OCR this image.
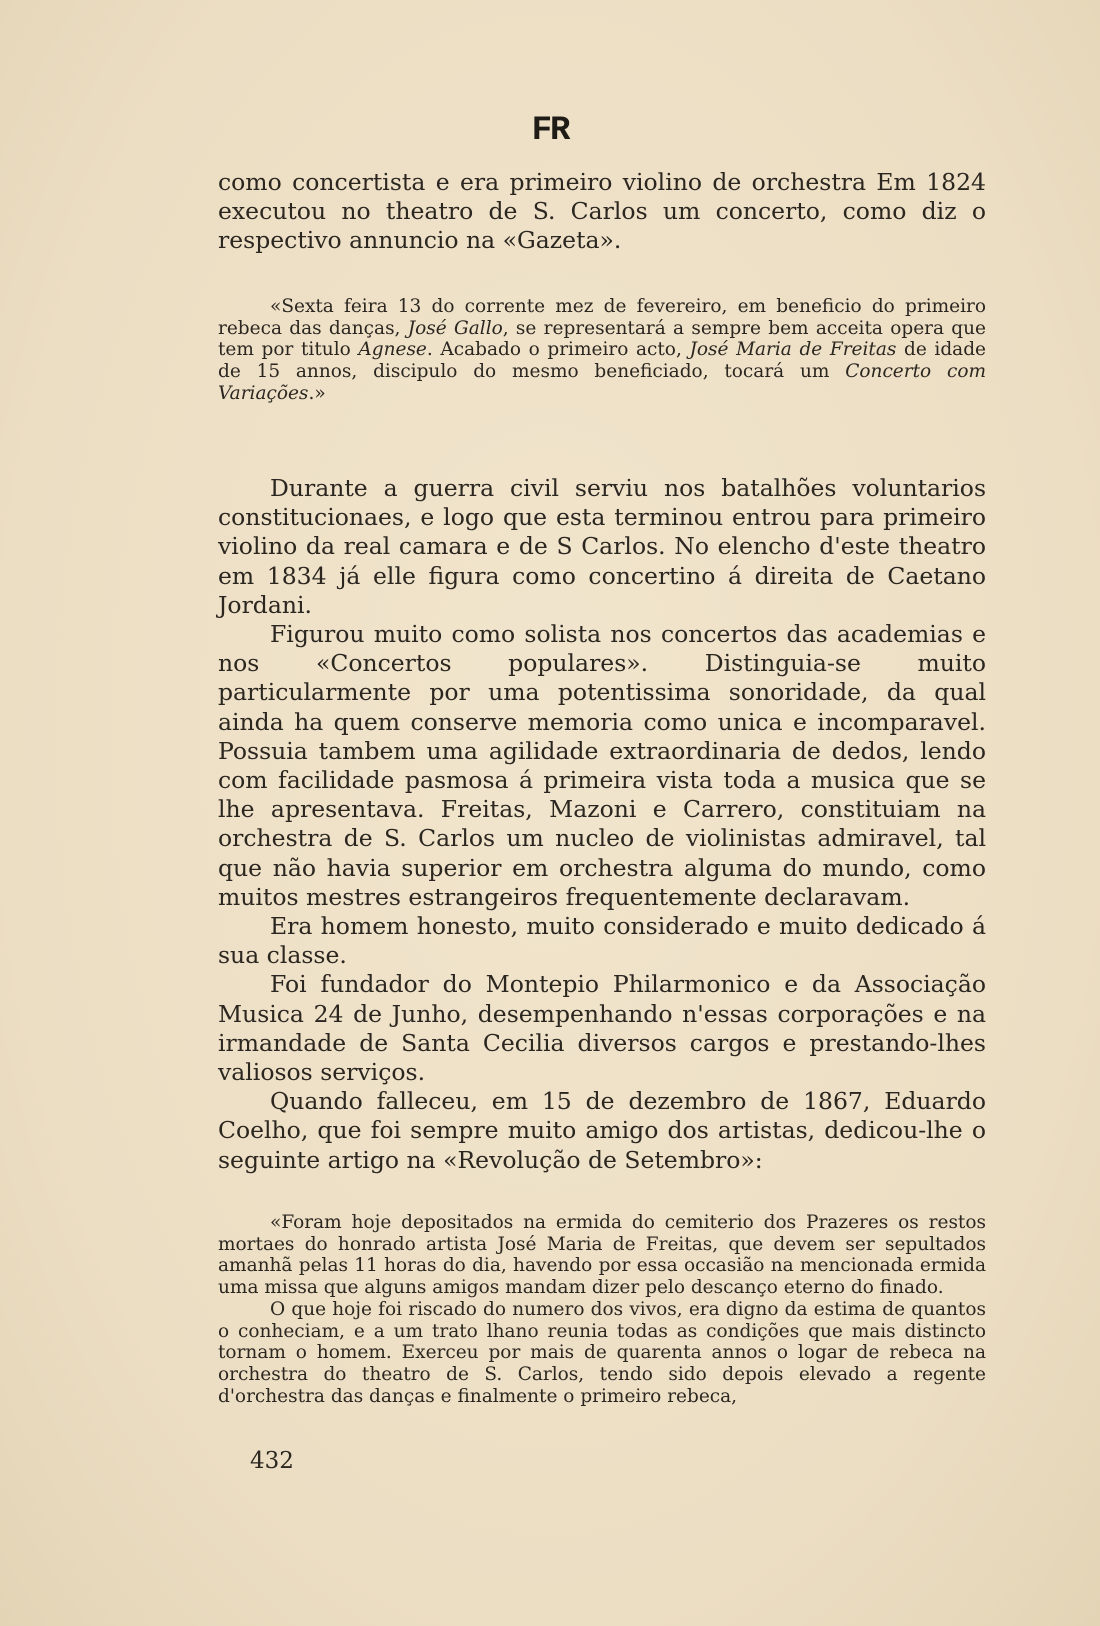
FR

como concertista e era primeiro violino de orchestra Em 1824 executou no theatro de S. Carlos um concerto, como diz o respectivo annuncio na «Gazeta».

«Sexta feira 13 do corrente mez de fevereiro, em beneficio do primeiro rebeca das danças, José Gallo, se representará a sempre bem acceita opera que tem por titulo Agnese. Acabado o primeiro acto, José Maria de Freitas de idade de 15 annos, discipulo do mesmo beneficiado, tocará um Concerto com Variações.»

Durante a guerra civil serviu nos batalhões voluntarios constitucionaes, e logo que esta terminou entrou para primeiro violino da real camara e de S Carlos. No elencho d'este theatro em 1834 já elle figura como concertino á direita de Caetano Jordani.

Figurou muito como solista nos concertos das academias e nos «Concertos populares». Distinguia-se muito particularmente por uma potentissima sonoridade, da qual ainda ha quem conserve memoria como unica e incomparavel. Possuia tambem uma agilidade extraordinaria de dedos, lendo com facilidade pasmosa á primeira vista toda a musica que se lhe apresentava. Freitas, Mazoni e Carrero, constituiam na orchestra de S. Carlos um nucleo de violinistas admiravel, tal que não havia superior em orchestra alguma do mundo, como muitos mestres estrangeiros frequentemente declaravam.

Era homem honesto, muito considerado e muito dedicado á sua classe.

Foi fundador do Montepio Philarmonico e da Associação Musica 24 de Junho, desempenhando n'essas corporações e na irmandade de Santa Cecilia diversos cargos e prestando-lhes valiosos serviços.

Quando falleceu, em 15 de dezembro de 1867, Eduardo Coelho, que foi sempre muito amigo dos artistas, dedicou-lhe o seguinte artigo na «Revolução de Setembro»:

«Foram hoje depositados na ermida do cemiterio dos Prazeres os restos mortaes do honrado artista José Maria de Freitas, que devem ser sepultados amanhã pelas 11 horas do dia, havendo por essa occasião na mencionada ermida uma missa que alguns amigos mandam dizer pelo descanço eterno do finado.

O que hoje foi riscado do numero dos vivos, era digno da estima de quantos o conheciam, e a um trato lhano reunia todas as condições que mais distincto tornam o homem. Exerceu por mais de quarenta annos o logar de rebeca na orchestra do theatro de S. Carlos, tendo sido depois elevado a regente d'orchestra das danças e finalmente o primeiro rebeca,

432
